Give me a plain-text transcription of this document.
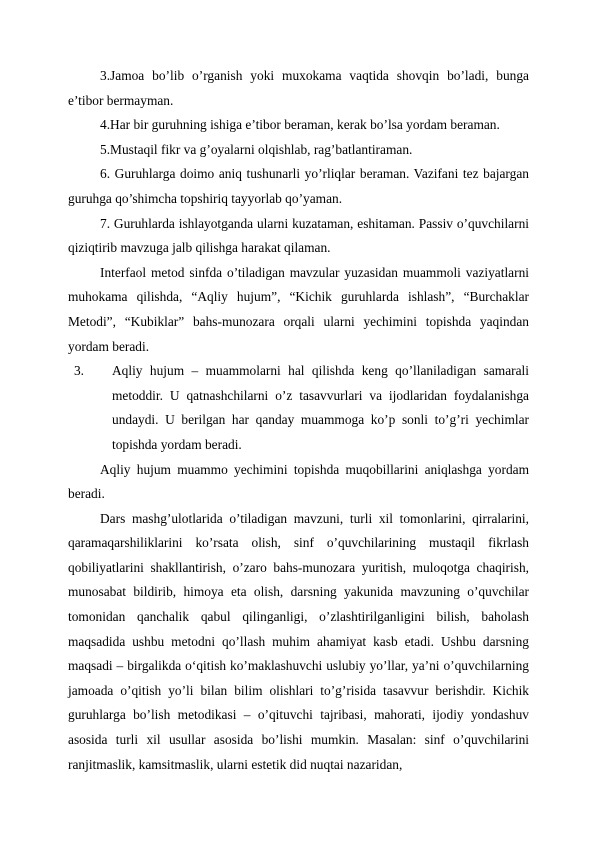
3.Jamoa bo’lib o’rganish yoki muxokama vaqtida shovqin bo’ladi, bunga e’tibor bermayman.

4.Har bir guruhning ishiga e’tibor beraman, kerak bo’lsa yordam beraman.

5.Mustaqil fikr va g’oyalarni olqishlab, rag’batlantiraman.

6. Guruhlarga doimo aniq tushunarli yo’rliqlar beraman. Vazifani tez bajargan guruhga qo’shimcha topshiriq tayyorlab qo’yaman.

7. Guruhlarda ishlayotganda ularni kuzataman, eshitaman. Passiv o’quvchilarni qiziqtirib mavzuga jalb qilishga harakat qilaman.

Interfaol metod sinfda o’tiladigan mavzular yuzasidan muammoli vaziyatlarni muhokama qilishda, “Aqliy hujum”, “Kichik guruhlarda ishlash”, “Burchaklar Metodi”, “Kubiklar” bahs-munozara orqali ularni yechimini topishda yaqindan yordam beradi.

3.	Aqliy hujum – muammolarni hal qilishda keng qo’llaniladigan samarali metoddir. U qatnashchilarni o’z tasavvurlari va ijodlaridan foydalanishga undaydi. U berilgan har qanday muammoga ko’p sonli to’g’ri yechimlar topishda yordam beradi.

Aqliy hujum muammo yechimini topishda muqobillarini aniqlashga yordam beradi.

Dars mashg’ulotlarida o’tiladigan mavzuni, turli xil tomonlarini, qirralarini, qaramaqarshiliklarini ko’rsata olish, sinf o’quvchilarining mustaqil fikrlash qobiliyatlarini shakllantirish, o’zaro bahs-munozara yuritish, muloqotga chaqirish, munosabat bildirib, himoya eta olish, darsning yakunida mavzuning o’quvchilar tomonidan qanchalik qabul qilinganligi, o’zlashtirilganligini bilish, baholash maqsadida ushbu metodni qo’llash muhim ahamiyat kasb etadi. Ushbu darsning maqsadi – birgalikda o‘qitish ko’maklashuvchi uslubiy yo’llar, ya’ni o’quvchilarning jamoada o’qitish yo’li bilan bilim olishlari to’g’risida tasavvur berishdir. Kichik guruhlarga bo’lish metodikasi – o’qituvchi tajribasi, mahorati, ijodiy yondashuv asosida turli xil usullar asosida bo’lishi mumkin. Masalan: sinf o’quvchilarini ranjitmaslik, kamsitmaslik, ularni estetik did nuqtai nazaridan,
